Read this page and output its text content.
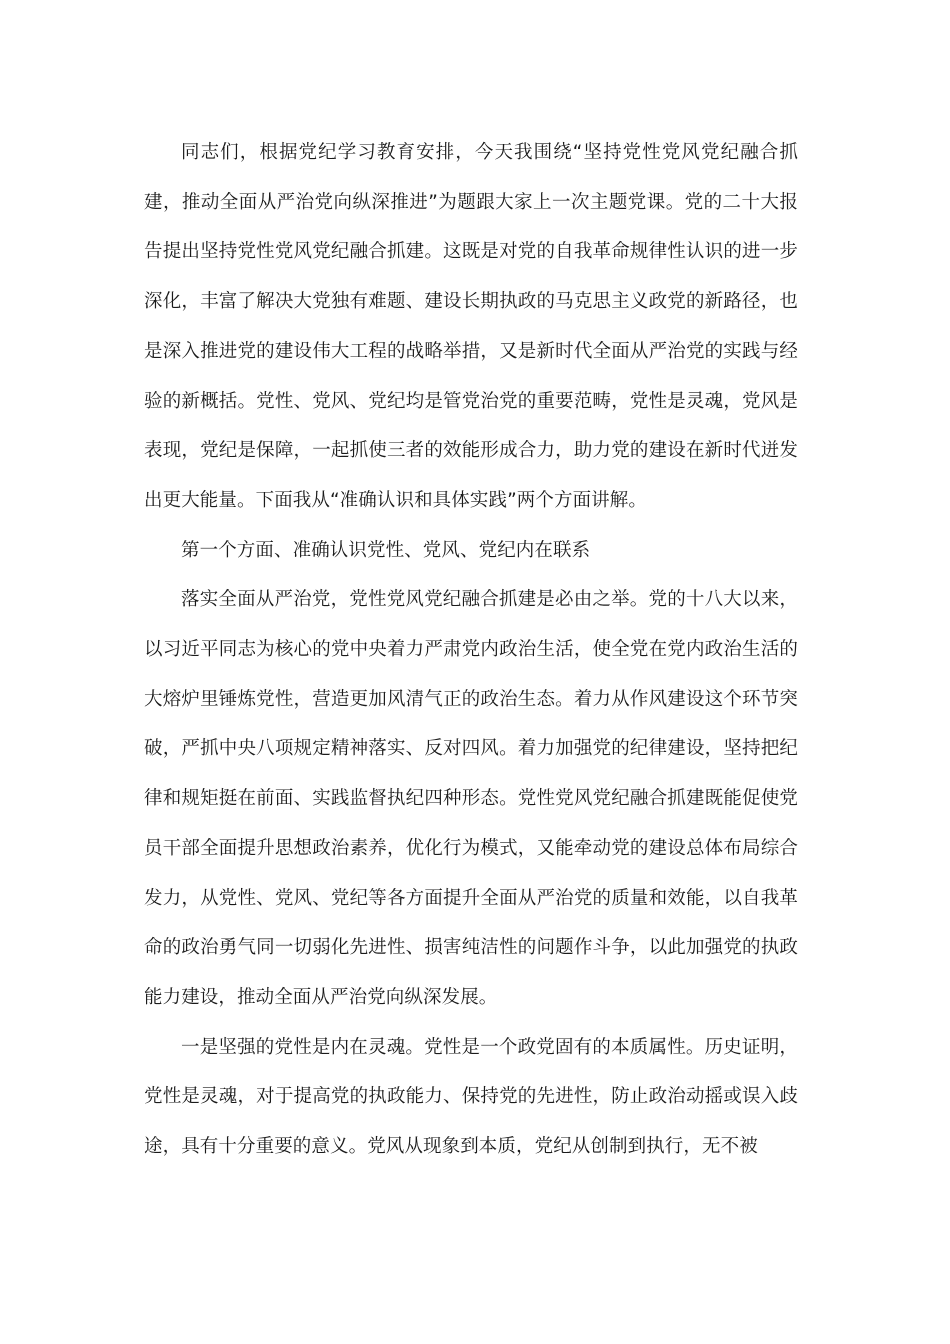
同志们，根据党纪学习教育安排，今天我围绕“坚持党性党风党纪融合抓建，推动全面从严治党向纵深推进”为题跟大家上一次主题党课。党的二十大报告提出坚持党性党风党纪融合抓建。这既是对党的自我革命规律性认识的进一步深化，丰富了解决大党独有难题、建设长期执政的马克思主义政党的新路径，也是深入推进党的建设伟大工程的战略举措，又是新时代全面从严治党的实践与经验的新概括。党性、党风、党纪均是管党治党的重要范畴，党性是灵魂，党风是表现，党纪是保障，一起抓使三者的效能形成合力，助力党的建设在新时代迸发出更大能量。下面我从“准确认识和具体实践”两个方面讲解。

第一个方面、准确认识党性、党风、党纪内在联系

落实全面从严治党，党性党风党纪融合抓建是必由之举。党的十八大以来，以习近平同志为核心的党中央着力严肃党内政治生活，使全党在党内政治生活的大熔炉里锤炼党性，营造更加风清气正的政治生态。着力从作风建设这个环节突破，严抓中央八项规定精神落实、反对四风。着力加强党的纪律建设，坚持把纪律和规矩挺在前面、实践监督执纪四种形态。党性党风党纪融合抓建既能促使党员干部全面提升思想政治素养，优化行为模式，又能牵动党的建设总体布局综合发力，从党性、党风、党纪等各方面提升全面从严治党的质量和效能，以自我革命的政治勇气同一切弱化先进性、损害纯洁性的问题作斗争，以此加强党的执政能力建设，推动全面从严治党向纵深发展。

一是坚强的党性是内在灵魂。党性是一个政党固有的本质属性。历史证明，党性是灵魂，对于提高党的执政能力、保持党的先进性，防止政治动摇或误入歧途，具有十分重要的意义。党风从现象到本质，党纪从创制到执行，无不被
